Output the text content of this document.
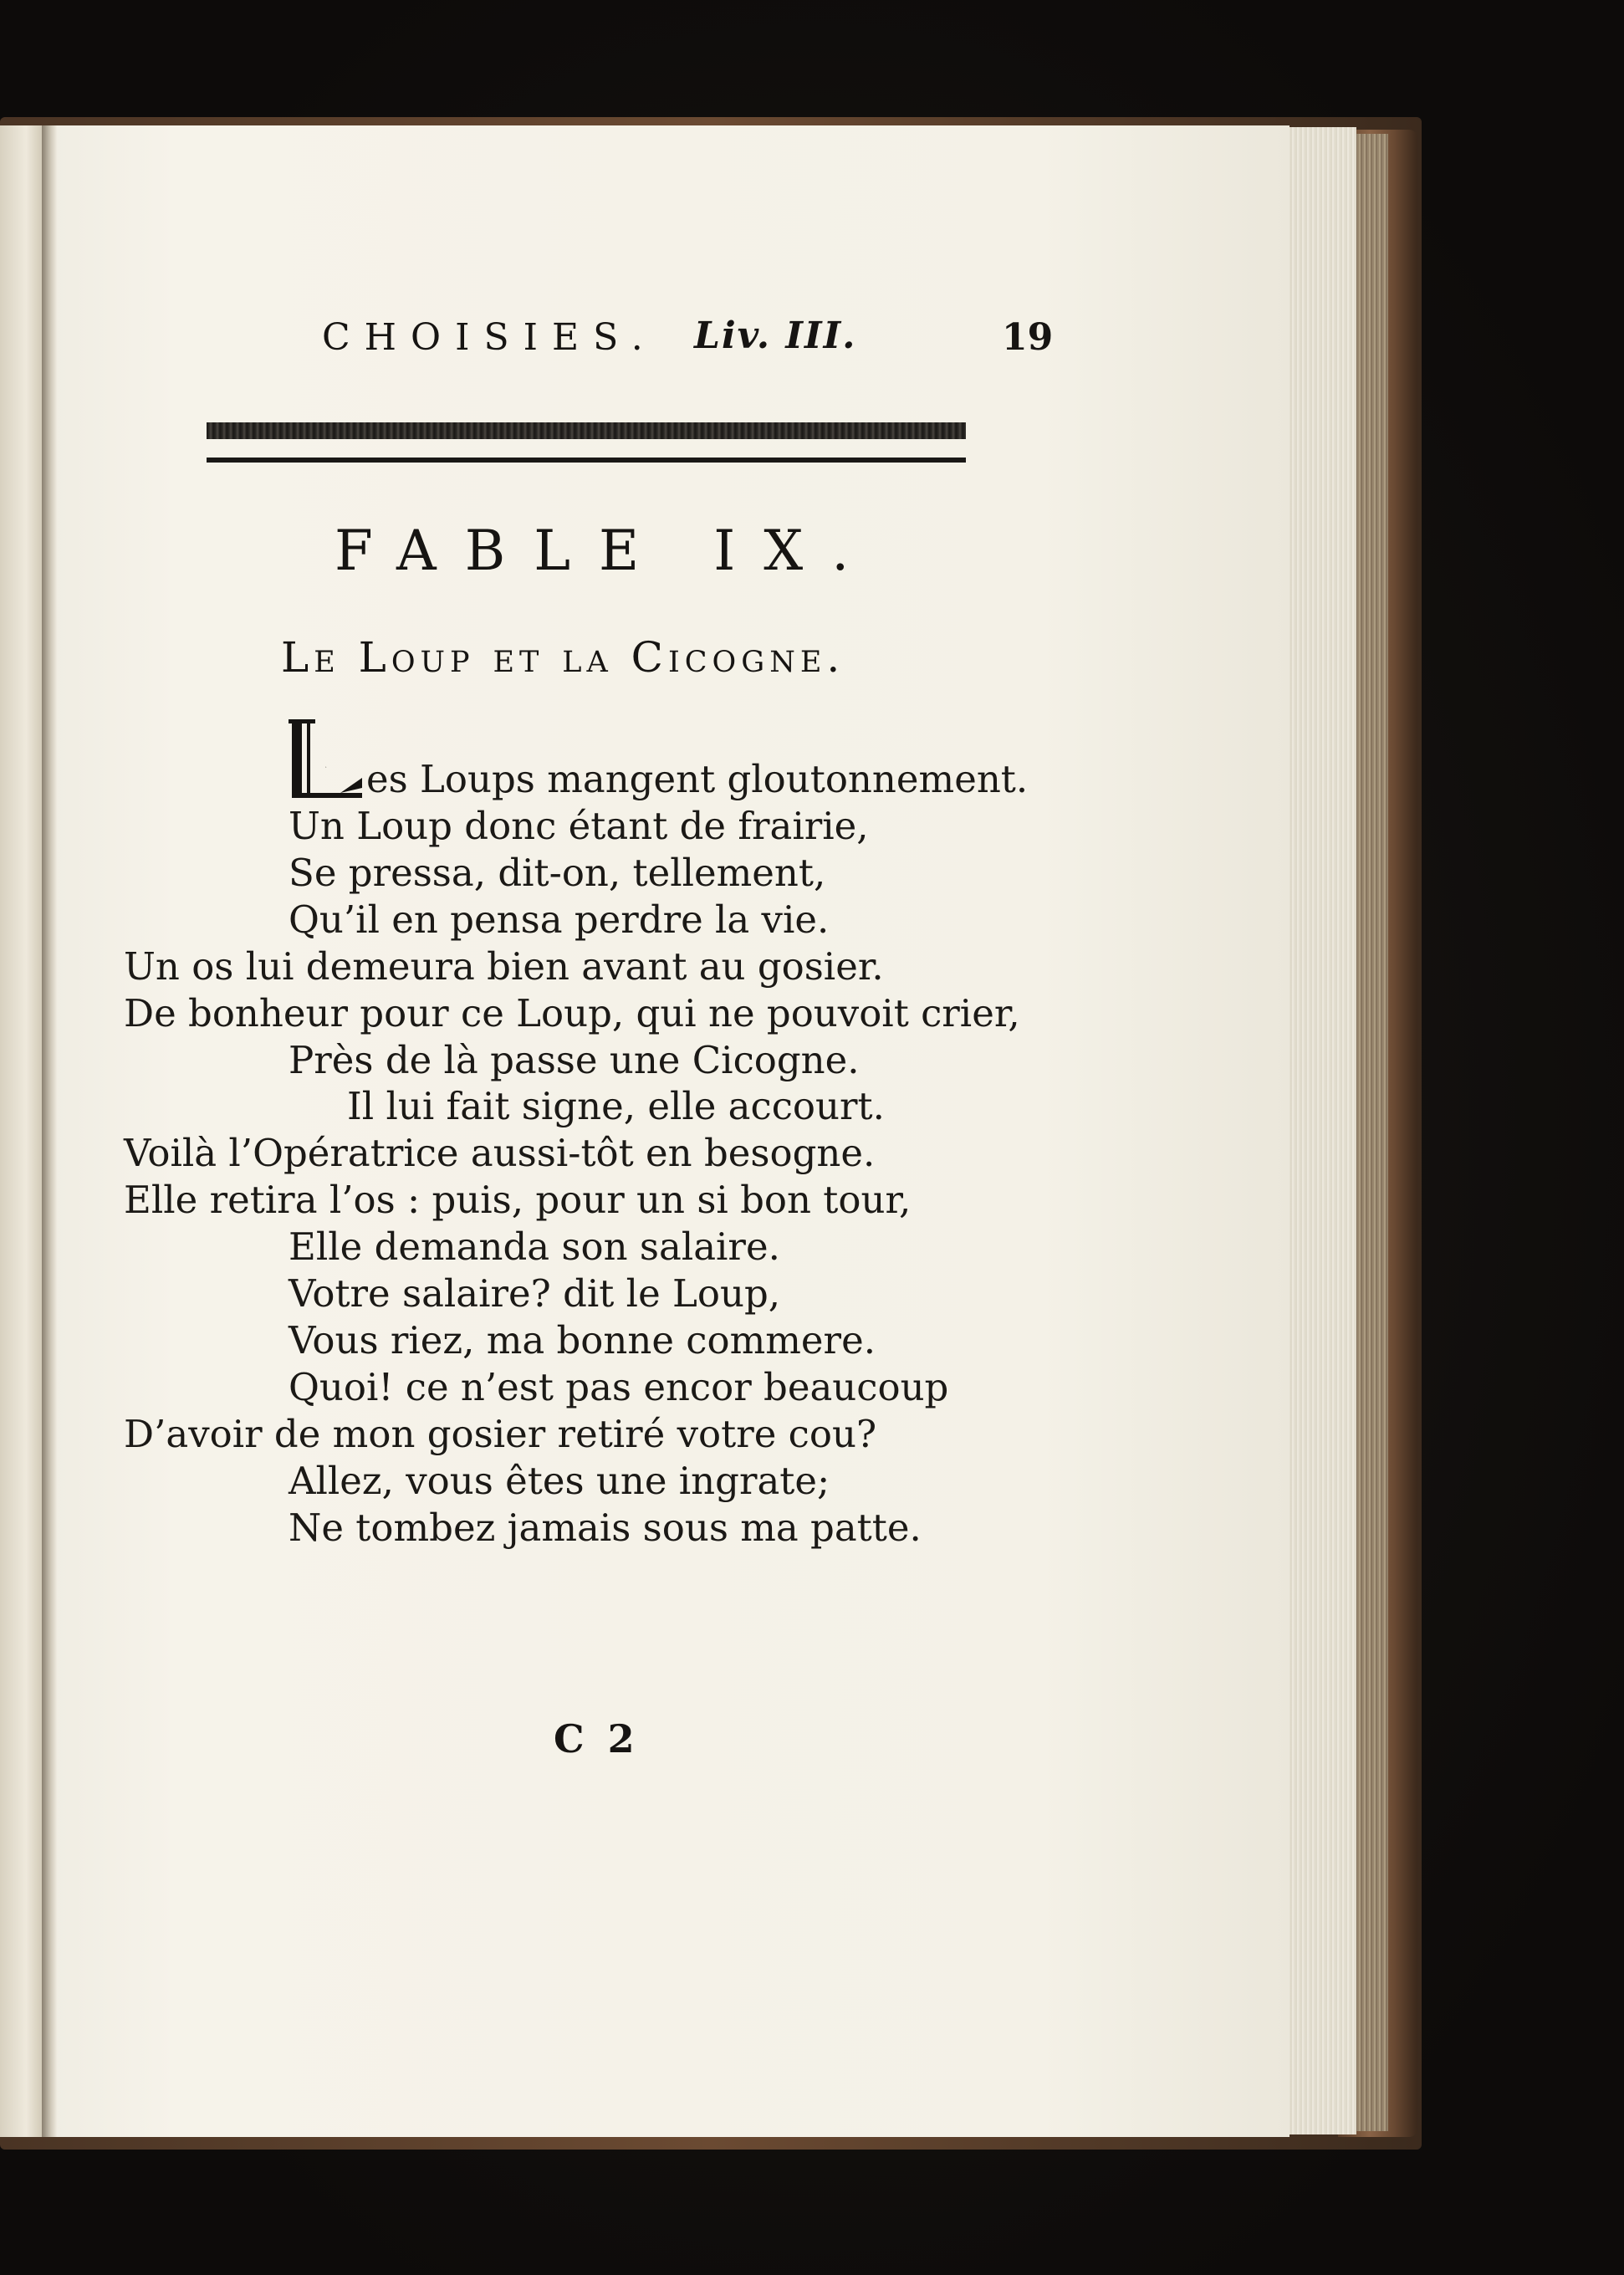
CHOISIES. Liv. III.	19
FABLE IX.
Le Loup et la Cicogne.
L es Loups mangent gloutonnement.
Un Loup donc étant de frairie,
Se pressa, dit-on, tellement,
Qu’il en pensa perdre la vie.
Un os lui demeura bien avant au gosier.
De bonheur pour ce Loup, qui ne pouvoit crier,
Près de là passe une Cicogne.
Il lui fait signe, elle accourt.
Voilà l’Opératrice aussi-tôt en besogne.
Elle retira l’os : puis, pour un si bon tour,
Elle demanda son salaire.
Votre salaire? dit le Loup,
Vous riez, ma bonne commere.
Quoi! ce n’est pas encor beaucoup
D’avoir de mon gosier retiré votre cou?
Allez, vous êtes une ingrate;
Ne tombez jamais sous ma patte.
C 2
